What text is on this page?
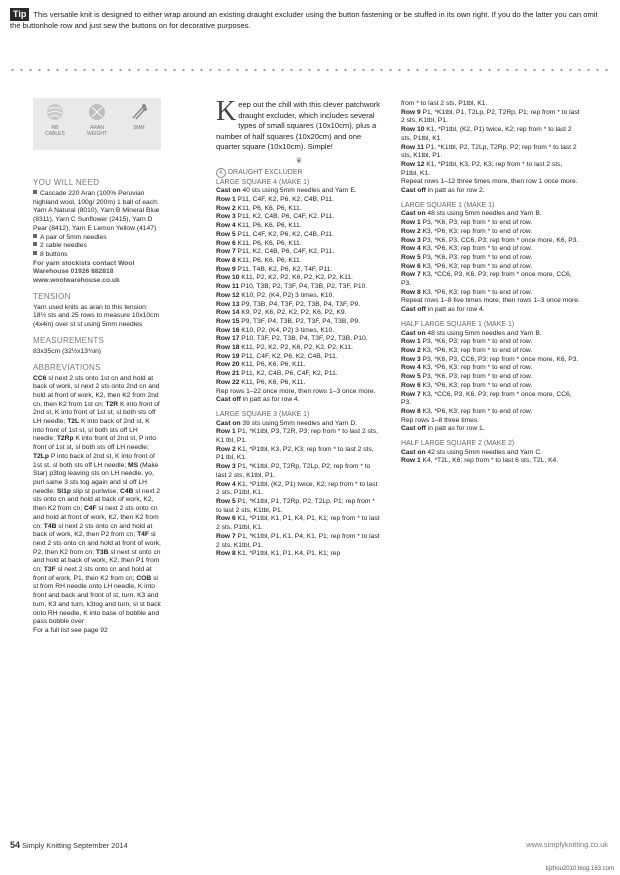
Tip This versatile knit is designed to either wrap around an existing draught excluder using the button fastening or be stuffed in its own right. If you do the latter you can omit the buttonhole row and just sew the buttons on for decorative purposes.
RB CABLES
ARAN WEIGHT
5MM
YOU WILL NEED

Cascade 220 Aran (100% Peruvian highland wool, 100g/ 200m) 1 ball of each: Yarn A Natural (8010), Yarn B Mineral Blue (8311), Yarn C Sunflower (2415), Yarn D Pear (8412), Yarn E Lemon Yellow (4147)

A pair of 5mm needles

2 cable needles

8 buttons

For yarn stockists contact Wool Warehouse 01926 882818 www.woolwarehouse.co.uk

TENSION

Yarn used knits as aran to this tension: 18½ sts and 25 rows to measure 10x10cm (4x4in) over st st using 5mm needles

MEASUREMENTS

83x35cm (32½x13¾in)

ABBREVIATIONS

CC6 sl next 2 sts onto 1st cn and hold at back of work, sl next 2 sts onto 2nd cn and hold at front of work, K2, then K2 from 2nd cn, then K2 from 1st cn; T2R K into front of 2nd st, K into front of 1st st, sl both sts off LH needle; T2L K into back of 2nd st, K into front of 1st st, sl both sts off LH needle; T2Rp K into front of 2nd st, P into front of 1st st, sl both sts off LH needle; T2Lp P into back of 2nd st, K into front of 1st st, sl both sts off LH needle; MS (Make Star) p3tog leaving sts on LH needle, yo, purl same 3 sts tog again and sl off LH needle; Sl1p slip st purlwise; C4B sl next 2 sts onto cn and hold at back of work, K2, then K2 from cn; C4F sl next 2 sts onto cn and hold at front of work, K2, then K2 from cn; T4B sl next 2 sts onto cn and hold at back of work, K2, then P2 from cn; T4F sl next 2 sts onto cn and hold at front of work, P2, then K2 from cn; T3B sl next st onto cn and hold at back of work, K2, then P1 from cn; T3F sl next 2 sts onto cn and hold at front of work, P1, then K2 from cn; COB sl st from RH needle onto LH needle, K into front and back and front of st, turn, K3 and turn, K3 and turn, k3tog and turn, sl st back onto RH needle, K into base of bobble and pass bobble over

For a full list see page 92

Keep out the chill with this clever patchwork draught excluder, which includes several types of small squares (10x10cm), plus a number of half squares (10x20cm) and one quarter square (10x10cm). Simple!

❦

K DRAUGHT EXCLUDER

LARGE SQUARE 4 (MAKE 1)

Cast on 40 sts using 5mm needles and Yarn E.

Row 1 P11, C4F, K2, P6, K2, C4B, P11.

Row 2 K11, P6, K6, P6, K11.

Row 3 P11, K2, C4B, P6, C4F, K2, P11.

Row 4 K11, P6, K6, P6, K11.

Row 5 P11, C4F, K2, P6, K2, C4B, P11.

Row 6 K11, P6, K6, P6, K11.

Row 7 P11, K2, C4B, P6, C4F, K2, P11.

Row 8 K11, P6, K6, P6, K11.

Row 9 P11, T4B, K2, P6, K2, T4F, P11.

Row 10 K11, P2, K2, P2, K6, P2, K2, P2, K11.

Row 11 P10, T3B, P2, T3F, P4, T3B, P2, T3F, P10.

Row 12 K10, P2, (K4, P2) 3 times, K10.

Row 13 P9, T3B, P4, T3F, P2, T3B, P4, T3F, P9.

Row 14 K9, P2, K6, P2, K2, P2, K6, P2, K9.

Row 15 P9, T3F, P4, T3B, P2, T3F, P4, T3B, P9.

Row 16 K10, P2, (K4, P2) 3 times, K10.

Row 17 P10, T3F, P2, T3B, P4, T3F, P2, T3B, P10.

Row 18 K11, P2, K2, P2, K6, P2, K2, P2, K11.

Row 19 P11, C4F, K2, P6, K2, C4B, P11.

Row 20 K11, P6, K6, P6, K11.

Row 21 P11, K2, C4B, P6, C4F, K2, P11.

Row 22 K11, P6, K6, P6, K11.

Rep rows 1–22 once more, then rows 1–3 once more.

Cast off in patt as for row 4.

LARGE SQUARE 3 (MAKE 1)

Cast on 39 sts using 5mm needles and Yarn D.

Row 1 P1, *K1tbl, P3, T2R, P3; rep from * to last 2 sts, K1 tbl, P1.

Row 2 K1, *P1tbl, K3, P2, K3; rep from * to last 2 sts, P1 tbl, K1.

Row 3 P1, *K1tbl, P2, T2Rp, T2Lp, P2; rep from * to last 2 sts, K1tbl, P1.

Row 4 K1, *P1tbl, (K2, P1) twice, K2; rep from * to last 2 sts, P1tbl, K1.

Row 5 P1, *K1tbl, P1, T2Rp, P2, T2Lp, P1; rep from * to last 2 sts, K1tbl, P1.

Row 6 K1, *P1tbl, K1, P1, K4, P1, K1; rep from * to last 2 sts, P1tbl, K1.

Row 7 P1, *K1tbl, P1, K1, P4, K1, P1; rep from * to last 2 sts, K1tbl, P1.

Row 8 K1, *P1tbl, K1, P1, K4, P1, K1; rep

from * to last 2 sts, P1tbl, K1.

Row 9 P1, *K1tbl, P1, T2Lp, P2, T2Rp, P1; rep from * to last 2 sts, K1tbl, P1.

Row 10 K1, *P1tbl, (K2, P1) twice, K2; rep from * to last 2 sts, P1tbl, K1.

Row 11 P1, *K1tbl, P2, T2Lp, T2Rp, P2; rep from * to last 2 sts, K1tbl, P1.

Row 12 K1, *P1tbl, K3, P2, K3; rep from * to last 2 sts, P1tbl, K1.

Repeat rows 1–12 three times more, then row 1 once more.

Cast off in patt as for row 2.

LARGE SQUARE 1 (MAKE 1)

Cast on 48 sts using 5mm needles and Yarn B.

Row 1 P3, *K6, P3; rep from * to end of row.

Row 2 K3, *P6, K3; rep from * to end of row.

Row 3 P3, *K6, P3, CC6, P3; rep from * once more, K6, P3.

Row 4 K3, *P6, K3; rep from * to end of row.

Row 5 P3, *K6, P3; rep from * to end of row.

Row 6 K3, *P6, K3; rep from * to end of row.

Row 7 K3, *CC6, P3, K6, P3; rep from * once more, CC6, P3.

Row 8 K3, *P6, K3; rep from * to end of row.

Repeat rows 1–8 five times more, then rows 1–3 once more.

Cast off in patt as for row 4.

HALF LARGE SQUARE 1 (MAKE 1)

Cast on 48 sts using 5mm needles and Yarn B.

Row 1 P3, *K6, P3; rep from * to end of row.

Row 2 K3, *P6, K3; rep from * to end of row.

Row 3 P3, *K6, P3, CC6, P3; rep from * once more, K6, P3.

Row 4 K3, *P6, K3; rep from * to end of row.

Row 5 P3, *K6, P3; rep from * to end of row.

Row 6 K3, *P6, K3; rep from * to end of row.

Row 7 K3, *CC6, P3, K6, P3; rep from * once more, CC6, P3.

Row 8 K3, *P6, K3; rep from * to end of row.

Rep rows 1–8 three times.

Cast off in patt as for row 1.

HALF LARGE SQUARE 2 (MAKE 2)

Cast on 42 sts using 5mm needles and Yarn C.

Row 1 K4, *T2L, K6; rep from * to last 6 sts, T2L, K4.

54 Simply Knitting September 2014	www.simplyknitting.co.uk
tijzhou2010.blog.163.com
